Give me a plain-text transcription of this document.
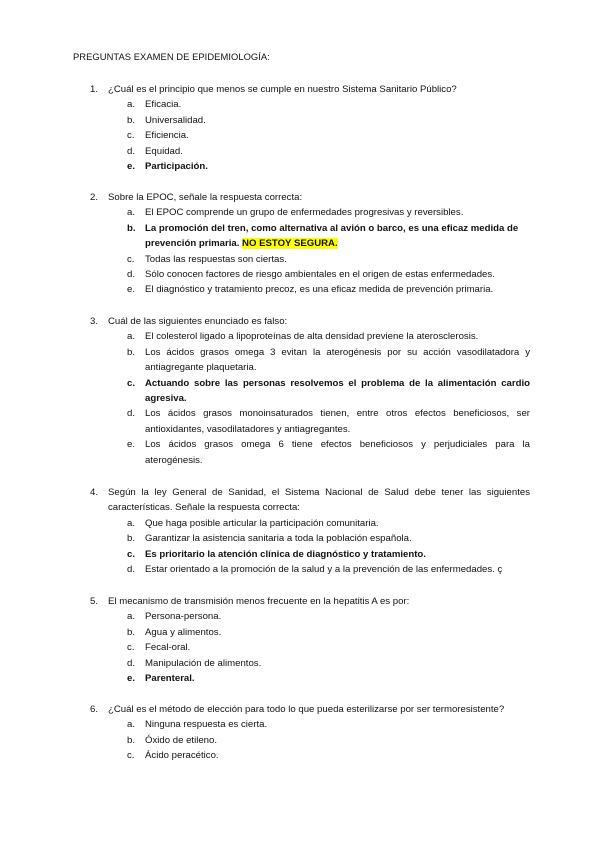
PREGUNTAS EXAMEN DE EPIDEMIOLOGÍA:
1. ¿Cuál es el principio que menos se cumple en nuestro Sistema Sanitario Público?
a. Eficacia.
b. Universalidad.
c. Eficiencia.
d. Equidad.
e. Participación.
2. Sobre la EPOC, señale la respuesta correcta:
a. El EPOC comprende un grupo de enfermedades progresivas y reversibles.
b. La promoción del tren, como alternativa al avión o barco, es una eficaz medida de prevención primaria. NO ESTOY SEGURA.
c. Todas las respuestas son ciertas.
d. Sólo conocen factores de riesgo ambientales en el origen de estas enfermedades.
e. El diagnóstico y tratamiento precoz, es una eficaz medida de prevención primaria.
3. Cuál de las siguientes enunciado es falso:
a. El colesterol ligado a lipoproteínas de alta densidad previene la aterosclerosis.
b. Los ácidos grasos omega 3 evitan la aterogénesis por su acción vasodilatadora y antiagregante plaquetaria.
c. Actuando sobre las personas resolvemos el problema de la alimentación cardio agresiva.
d. Los ácidos grasos monoinsaturados tienen, entre otros efectos beneficiosos, ser antioxidantes, vasodilatadores y antiagregantes.
e. Los ácidos grasos omega 6 tiene efectos beneficiosos y perjudiciales para la aterogénesis.
4. Según la ley General de Sanidad, el Sistema Nacional de Salud debe tener las siguientes características. Señale la respuesta correcta:
a. Que haga posible articular la participación comunitaria.
b. Garantizar la asistencia sanitaria a toda la población española.
c. Es prioritario la atención clínica de diagnóstico y tratamiento.
d. Estar orientado a la promoción de la salud y a la prevención de las enfermedades. ç
5. El mecanismo de transmisión menos frecuente en la hepatitis A es por:
a. Persona-persona.
b. Agua y alimentos.
c. Fecal-oral.
d. Manipulación de alimentos.
e. Parenteral.
6. ¿Cuál es el método de elección para todo lo que pueda esterilizarse por ser termoresistente?
a. Ninguna respuesta es cierta.
b. Óxido de etileno.
c. Ácido peracético.
